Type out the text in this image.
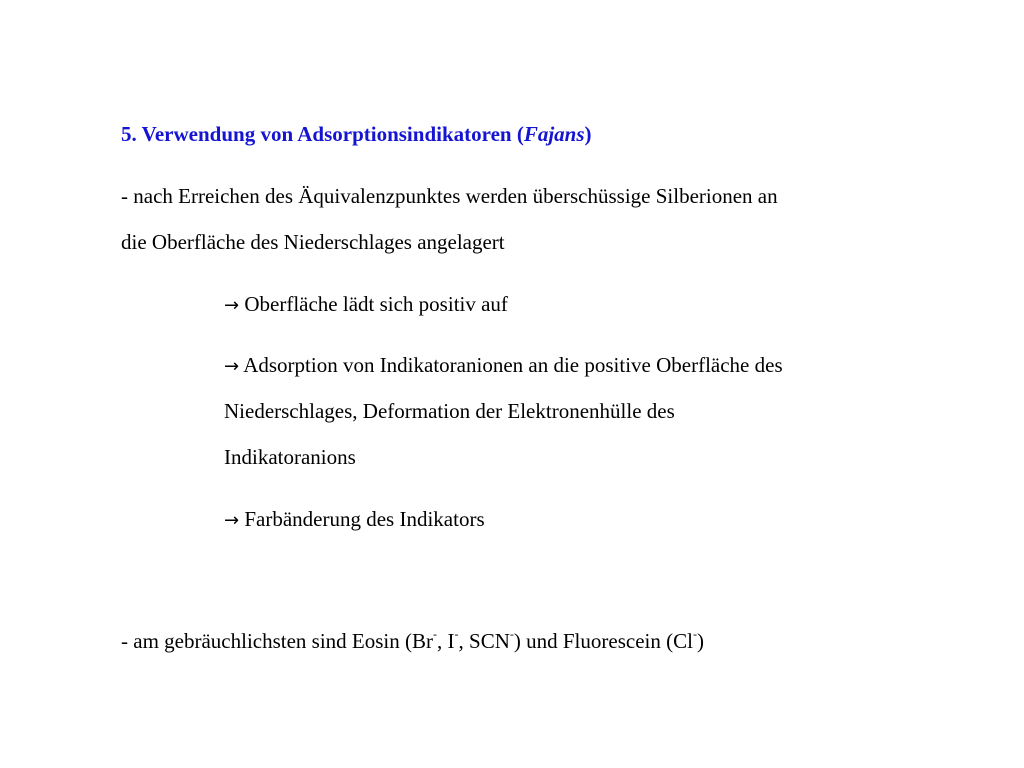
5. Verwendung von Adsorptionsindikatoren (Fajans)
- nach Erreichen des Äquivalenzpunktes werden überschüssige Silberionen an
die Oberfläche des Niederschlages angelagert
→ Oberfläche lädt sich positiv auf
→ Adsorption von Indikatoranionen an die positive Oberfläche des
Niederschlages, Deformation der Elektronenhülle des
Indikatoranions
→ Farbänderung des Indikators
- am gebräuchlichsten sind Eosin (Br-, I-, SCN-) und Fluorescein (Cl-)
